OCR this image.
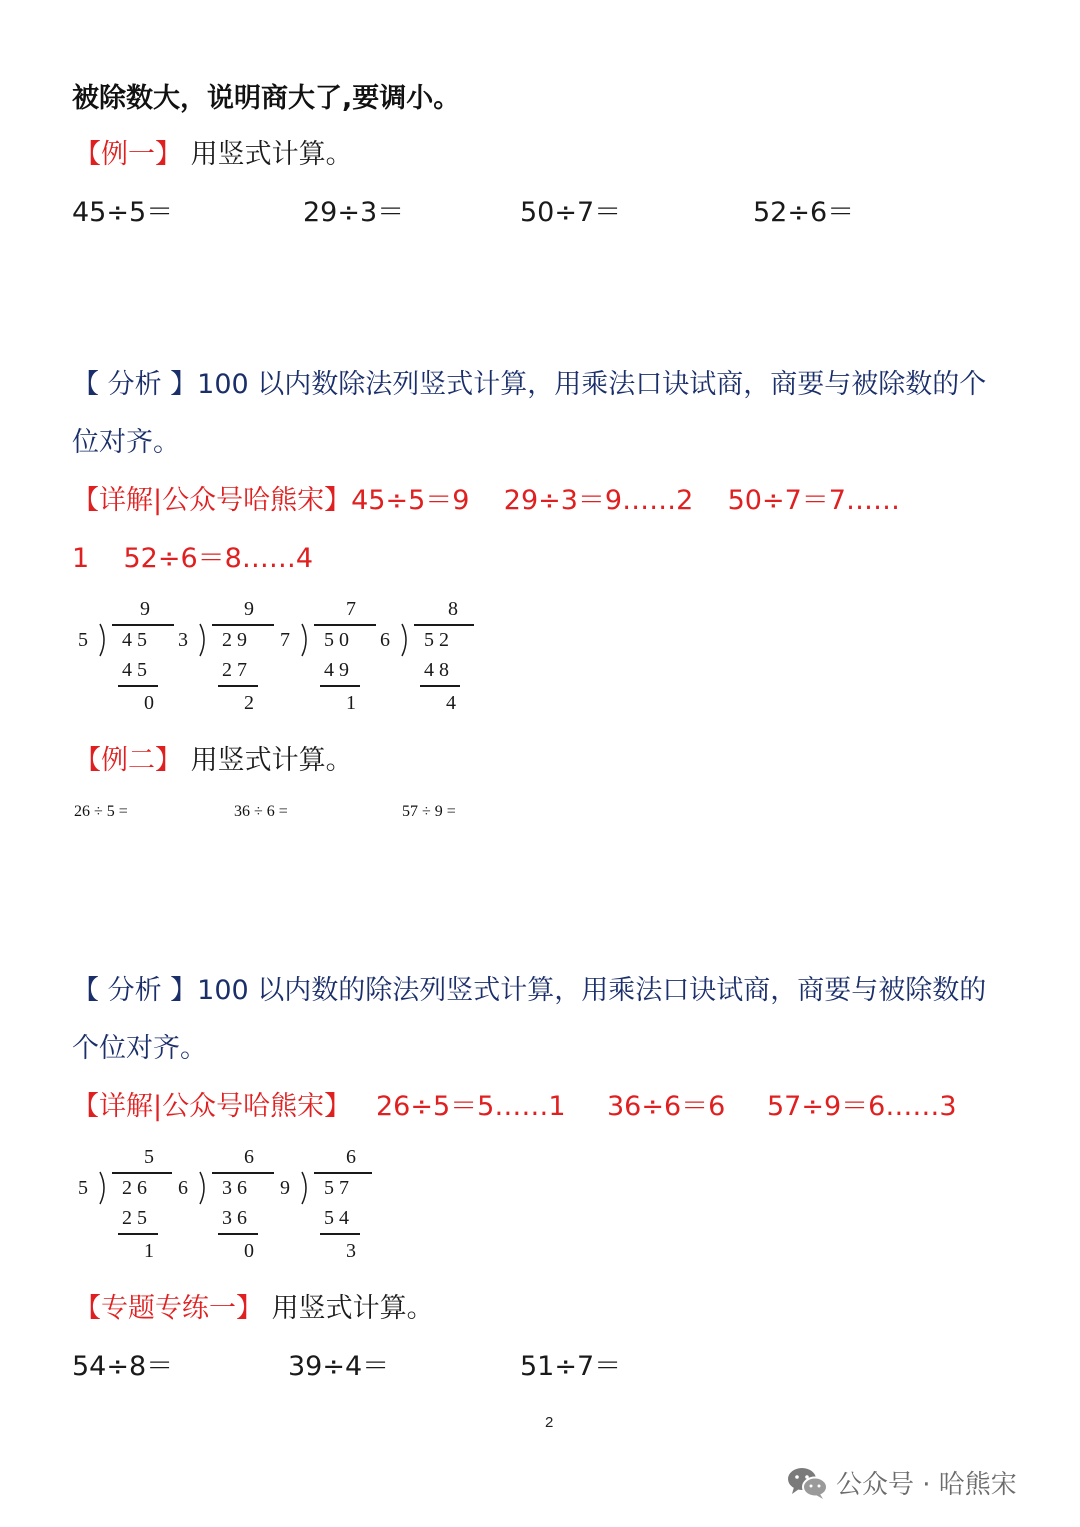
被除数大，说明商大了,要调小。
【例一】 用竖式计算。
45÷5＝	29÷3＝	50÷7＝	52÷6＝
【 分析 】100 以内数除法列竖式计算，用乘法口诀试商，商要与被除数的个
位对齐。
【详解|公众号哈熊宋】45÷5＝9    29÷3＝9……2    50÷7＝7……
1    52÷6＝8……4
9
5 4 5
4 5
0
9
3 2 9
2 7
2
7
7 5 0
4 9
1
8
6 5 2
4 8
4
【例二】 用竖式计算。
26 ÷ 5 =	36 ÷ 6 =	57 ÷ 9 =
【 分析 】100 以内数的除法列竖式计算，用乘法口诀试商，商要与被除数的
个位对齐。
【详解|公众号哈熊宋】 26÷5＝5……1 36÷6＝6 57÷9＝6……3
5
5 2 6
2 5
1
6
6 3 6
3 6
0
6
9 5 7
5 4
3
【专题专练一】 用竖式计算。
54÷8＝	39÷4＝	51÷7＝
2
公众号 · 哈熊宋
